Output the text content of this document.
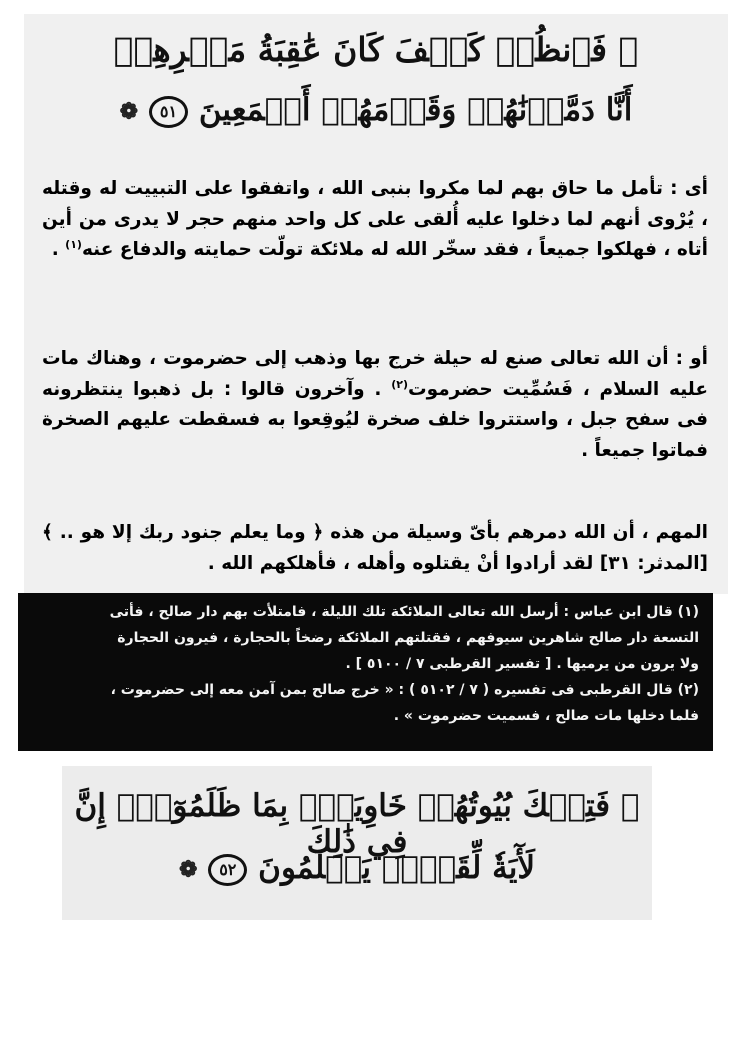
﴿ فَٱنظُرۡ كَيۡفَ كَانَ عَٰقِبَةُ مَكۡرِهِمۡ
أَنَّا دَمَّرۡنَٰهُمۡ وَقَوۡمَهُمۡ أَجۡمَعِينَ ٥١ ❁
أى : تأمل ما حاق بهم لما مكروا بنبى الله ، واتفقوا على التبييت له وقتله ، يُرْوى أنهم لما دخلوا عليه أُلقى على كل واحد منهم حجر لا يدرى من أين أتاه ، فهلكوا جميعاً ، فقد سخّر الله له ملائكة تولّت حمايته والدفاع عنه$^{(١)}$ .
أو : أن الله تعالى صنع له حيلة خرج بها وذهب إلى حضرموت ، وهناك مات عليه السلام ، فَسُمِّيت حضرموت$^{(٢)}$ . وآخرون قالوا : بل ذهبوا ينتظرونه فى سفح جبل ، واستتروا خلف صخرة ليُوقِعوا به فسقطت عليهم الصخرة فماتوا جميعاً .
المهم ، أن الله دمرهم بأىّ وسيلة من هذه ﴿ وما يعلم جنود ربك إلا هو .. ﴾ [المدثر: ٣١] لقد أرادوا أنْ يقتلوه وأهله ، فأهلكهم الله .
(١) قال ابن عباس : أرسل الله تعالى الملائكة تلك الليلة ، فامتلأت بهم دار صالح ، فأتى
التسعة دار صالح شاهرين سيوفهم ، فقتلتهم الملائكة رضخاً بالحجارة ، فيرون الحجارة
ولا يرون من يرميها . [ تفسير القرطبى ٧ / ٥١٠٠ ] .
(٢) قال القرطبى فى تفسيره ( ٧ / ٥١٠٢ ) : « خرج صالح بمن آمن معه إلى حضرموت ،
فلما دخلها مات صالح ، فسميت حضرموت » .
﴿ فَتِلۡكَ بُيُوتُهُمۡ خَاوِيَةَۢ بِمَا ظَلَمُوٓاْۚ إِنَّ فِي ذَٰلِكَ
لَأٓيَةٗ لِّقَوۡمٖ يَعۡلَمُونَ ٥٢ ❁
